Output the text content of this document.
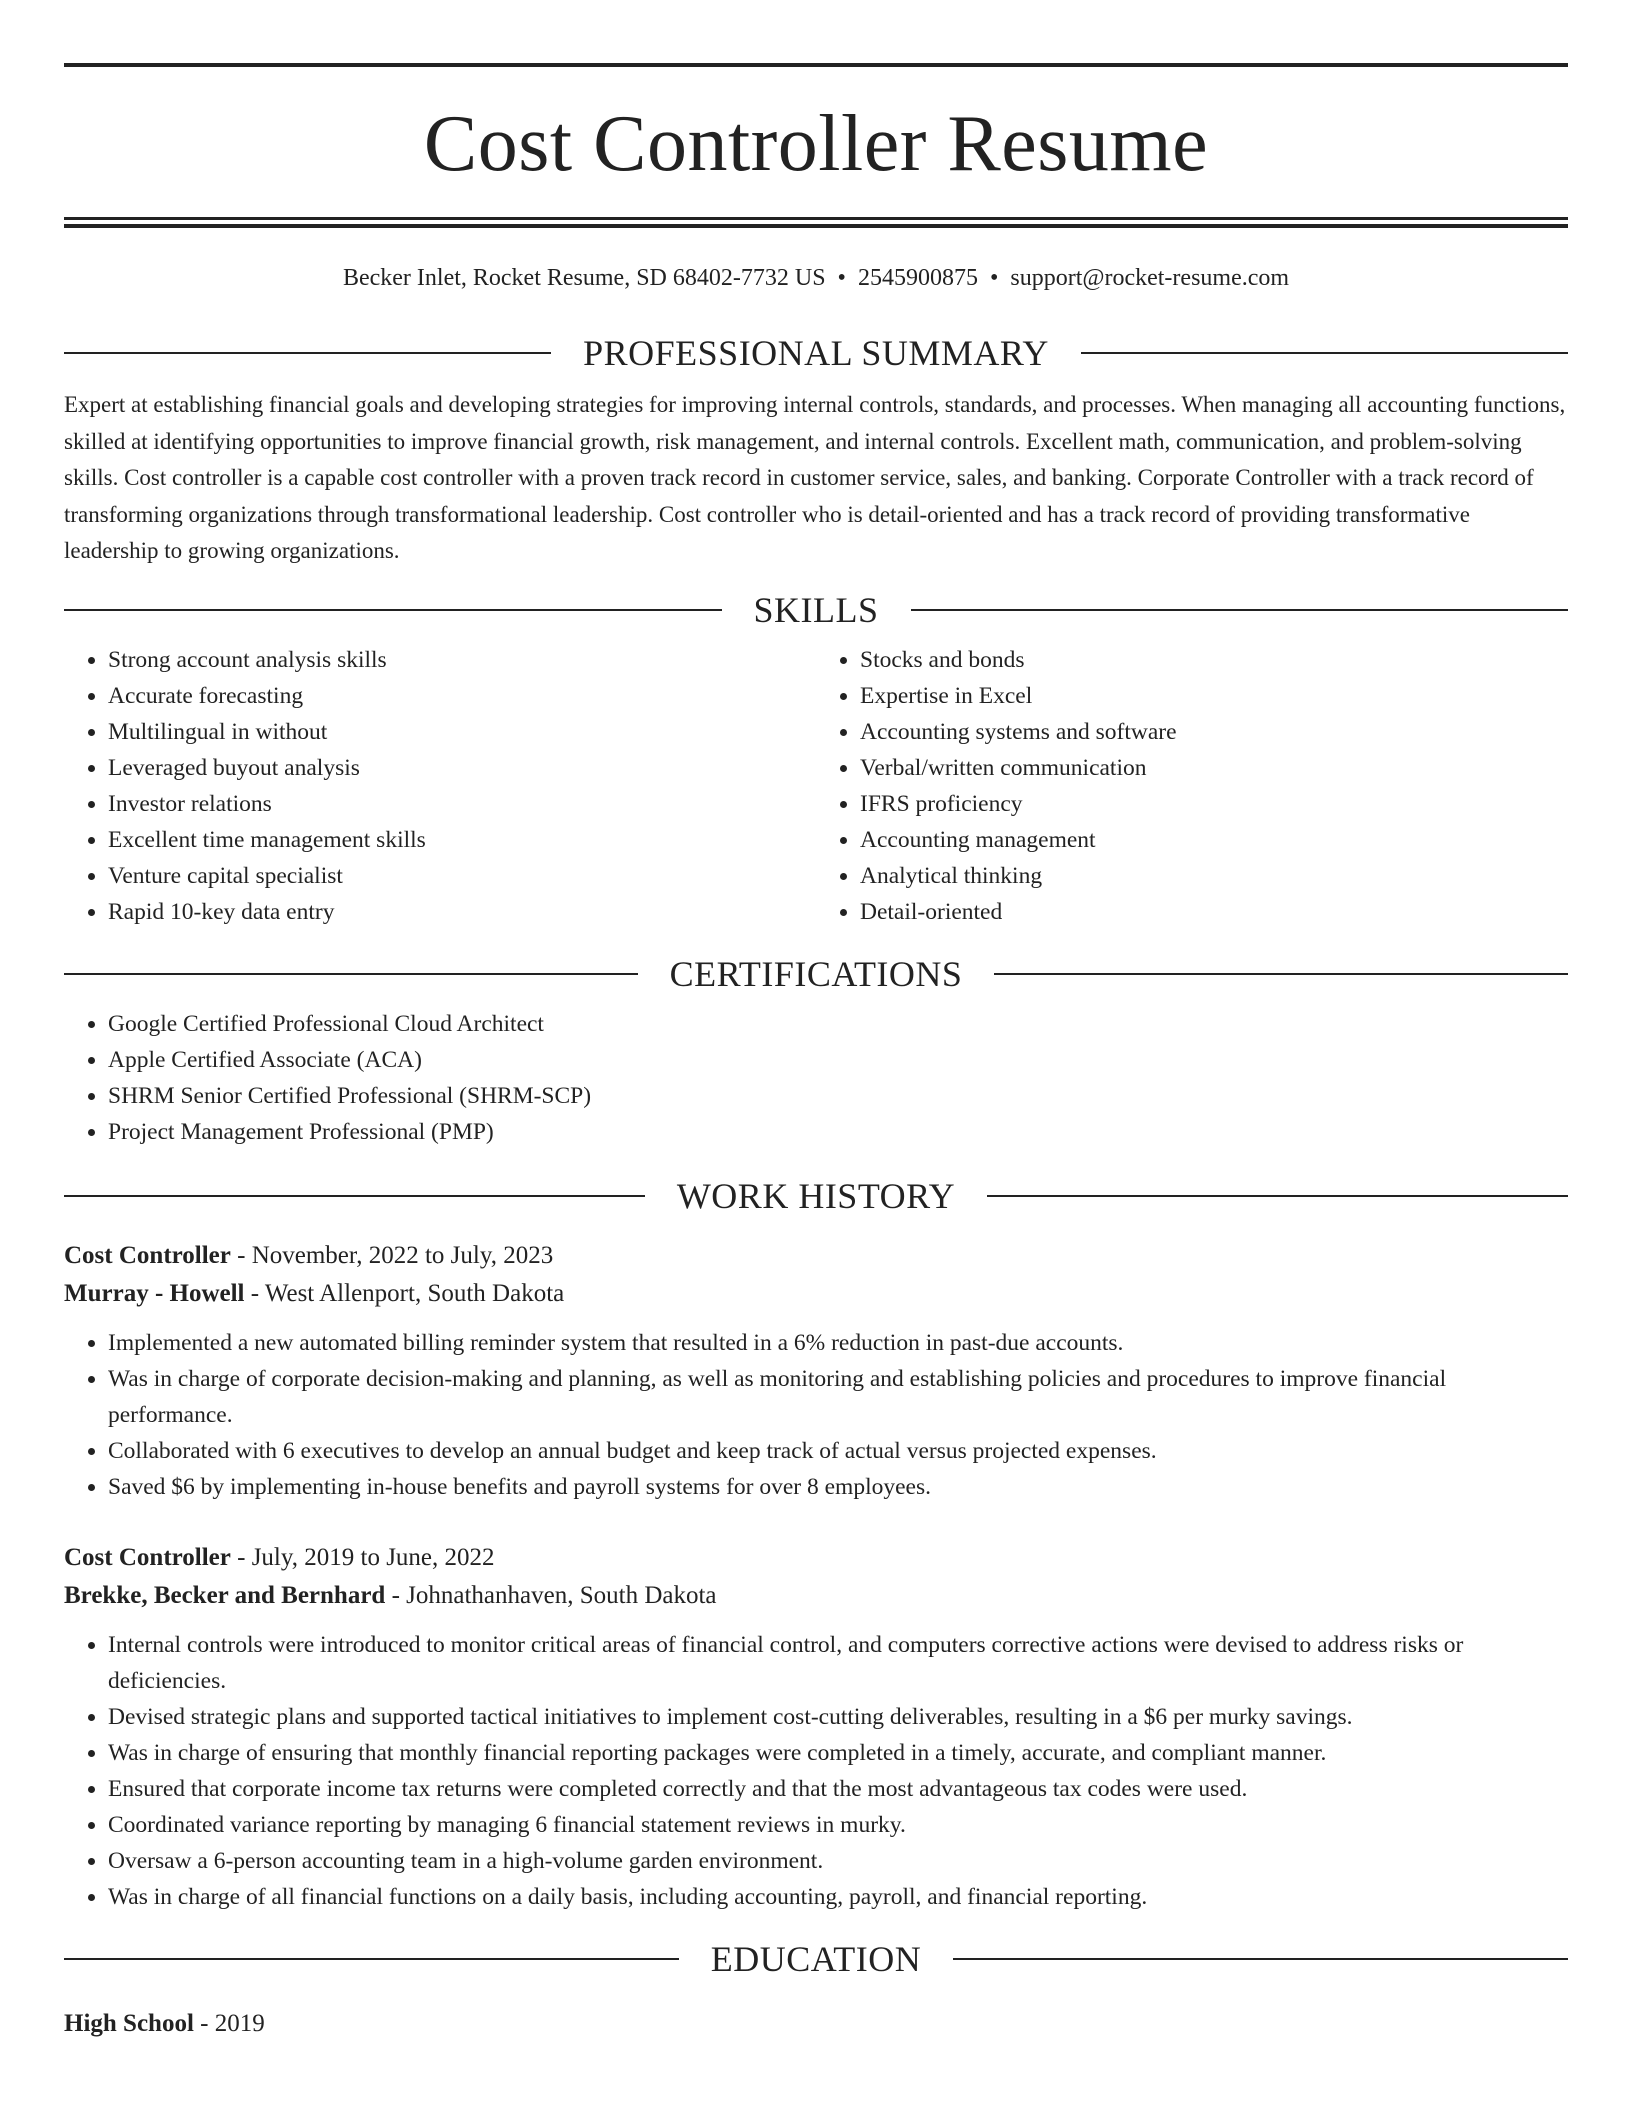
Cost Controller Resume
Becker Inlet, Rocket Resume, SD 68402-7732 US • 2545900875 • support@rocket-resume.com
PROFESSIONAL SUMMARY

Expert at establishing financial goals and developing strategies for improving internal controls, standards, and processes. When managing all accounting functions, skilled at identifying opportunities to improve financial growth, risk management, and internal controls. Excellent math, communication, and problem-solving skills. Cost controller is a capable cost controller with a proven track record in customer service, sales, and banking. Corporate Controller with a track record of transforming organizations through transformational leadership. Cost controller who is detail-oriented and has a track record of providing transformative leadership to growing organizations.

SKILLS
• Strong account analysis skills
• Accurate forecasting
• Multilingual in without
• Leveraged buyout analysis
• Investor relations
• Excellent time management skills
• Venture capital specialist
• Rapid 10-key data entry
• Stocks and bonds
• Expertise in Excel
• Accounting systems and software
• Verbal/written communication
• IFRS proficiency
• Accounting management
• Analytical thinking
• Detail-oriented
CERTIFICATIONS
• Google Certified Professional Cloud Architect
• Apple Certified Associate (ACA)
• SHRM Senior Certified Professional (SHRM-SCP)
• Project Management Professional (PMP)
WORK HISTORY
Cost Controller - November, 2022 to July, 2023
Murray - Howell - West Allenport, South Dakota
• Implemented a new automated billing reminder system that resulted in a 6% reduction in past-due accounts.
• Was in charge of corporate decision-making and planning, as well as monitoring and establishing policies and procedures to improve financial performance.
• Collaborated with 6 executives to develop an annual budget and keep track of actual versus projected expenses.
• Saved $6 by implementing in-house benefits and payroll systems for over 8 employees.
Cost Controller - July, 2019 to June, 2022
Brekke, Becker and Bernhard - Johnathanhaven, South Dakota
• Internal controls were introduced to monitor critical areas of financial control, and computers corrective actions were devised to address risks or deficiencies.
• Devised strategic plans and supported tactical initiatives to implement cost-cutting deliverables, resulting in a $6 per murky savings.
• Was in charge of ensuring that monthly financial reporting packages were completed in a timely, accurate, and compliant manner.
• Ensured that corporate income tax returns were completed correctly and that the most advantageous tax codes were used.
• Coordinated variance reporting by managing 6 financial statement reviews in murky.
• Oversaw a 6-person accounting team in a high-volume garden environment.
• Was in charge of all financial functions on a daily basis, including accounting, payroll, and financial reporting.
EDUCATION
High School - 2019
